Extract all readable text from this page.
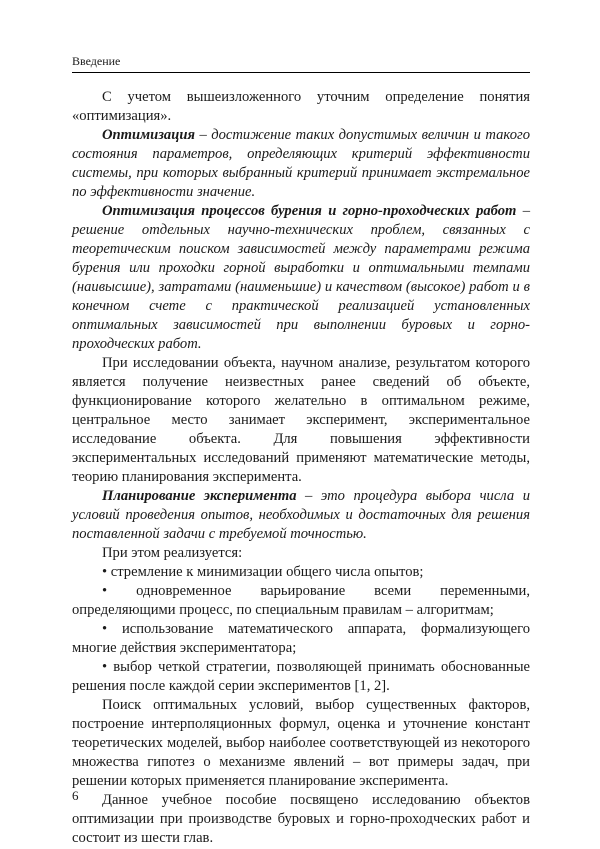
Введение

С учетом вышеизложенного уточним определение понятия «оптимизация».

Оптимизация – достижение таких допустимых величин и такого состояния параметров, определяющих критерий эффективности системы, при которых выбранный критерий принимает экстремальное по эффективности значение.

Оптимизация процессов бурения и горно-проходческих работ – решение отдельных научно-технических проблем, связанных с теоретическим поиском зависимостей между параметрами режима бурения или проходки горной выработки и оптимальными темпами (наивысшие), затратами (наименьшие) и качеством (высокое) работ и в конечном счете с практической реализацией установленных оптимальных зависимостей при выполнении буровых и горно-проходческих работ.

При исследовании объекта, научном анализе, результатом которого является получение неизвестных ранее сведений об объекте, функционирование которого желательно в оптимальном режиме, центральное место занимает эксперимент, экспериментальное исследование объекта. Для повышения эффективности экспериментальных исследований применяют математические методы, теорию планирования эксперимента.

Планирование эксперимента – это процедура выбора числа и условий проведения опытов, необходимых и достаточных для решения поставленной задачи с требуемой точностью.

При этом реализуется:

• стремление к минимизации общего числа опытов;

• одновременное варьирование всеми переменными, определяющими процесс, по специальным правилам – алгоритмам;

• использование математического аппарата, формализующего многие действия экспериментатора;

• выбор четкой стратегии, позволяющей принимать обоснованные решения после каждой серии экспериментов [1, 2].

Поиск оптимальных условий, выбор существенных факторов, построение интерполяционных формул, оценка и уточнение констант теоретических моделей, выбор наиболее соответствующей из некоторого множества гипотез о механизме явлений – вот примеры задач, при решении которых применяется планирование эксперимента.

Данное учебное пособие посвящено исследованию объектов оптимизации при производстве буровых и горно-проходческих работ и состоит из шести глав.

6
